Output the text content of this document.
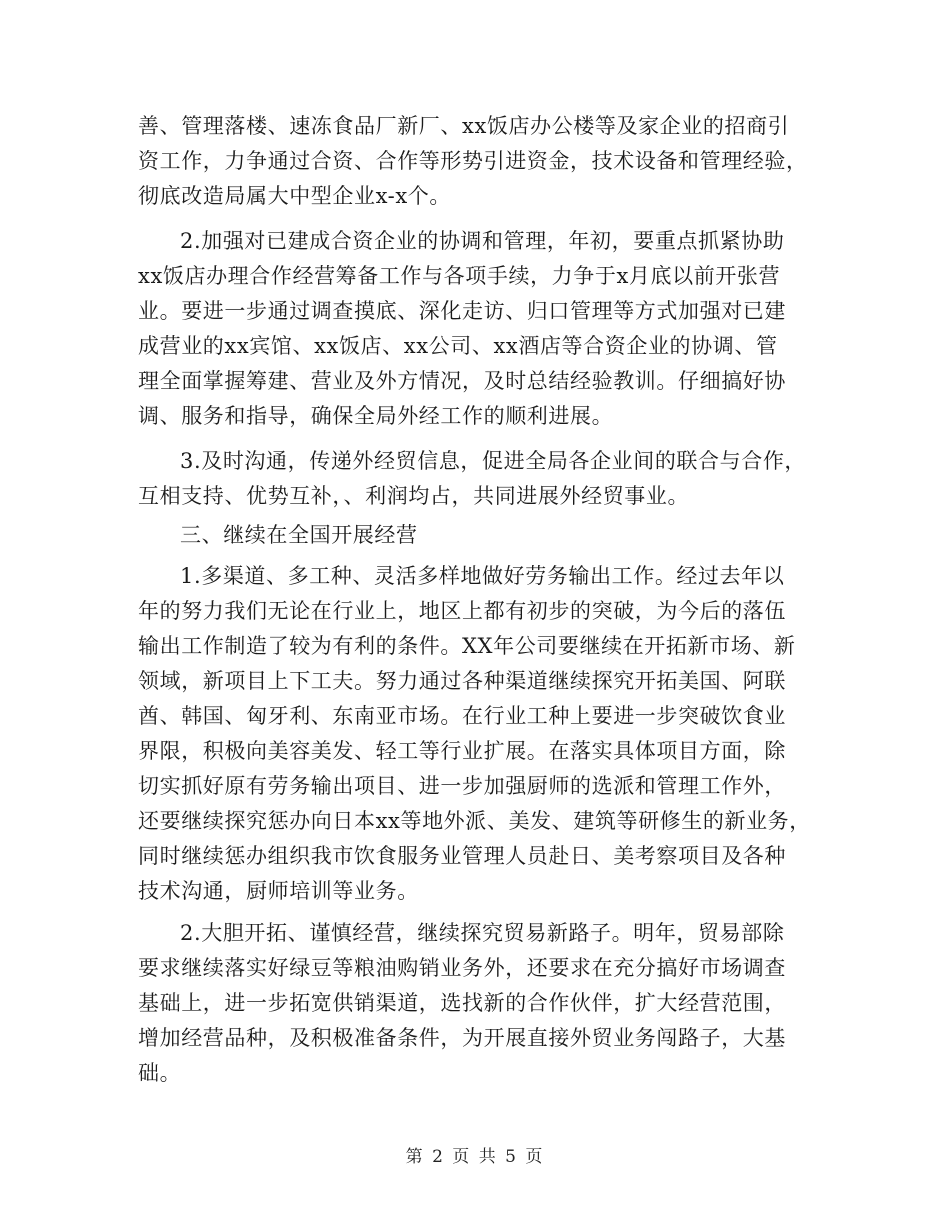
善、管理落楼、速冻食品厂新厂、xx饭店办公楼等及家企业的招商引
资工作，力争通过合资、合作等形势引进资金，技术设备和管理经验，
彻底改造局属大中型企业x-x个。
2.加强对已建成合资企业的协调和管理，年初，要重点抓紧协助
xx饭店办理合作经营筹备工作与各项手续，力争于x月底以前开张营
业。要进一步通过调查摸底、深化走访、归口管理等方式加强对已建
成营业的xx宾馆、xx饭店、xx公司、xx酒店等合资企业的协调、管
理全面掌握筹建、营业及外方情况，及时总结经验教训。仔细搞好协
调、服务和指导，确保全局外经工作的顺利进展。
3.及时沟通，传递外经贸信息，促进全局各企业间的联合与合作，
互相支持、优势互补，、利润均占，共同进展外经贸事业。
三、继续在全国开展经营
1.多渠道、多工种、灵活多样地做好劳务输出工作。经过去年以
年的努力我们无论在行业上，地区上都有初步的突破，为今后的落伍
输出工作制造了较为有利的条件。XX年公司要继续在开拓新市场、新
领域，新项目上下工夫。努力通过各种渠道继续探究开拓美国、阿联
酋、韩国、匈牙利、东南亚市场。在行业工种上要进一步突破饮食业
界限，积极向美容美发、轻工等行业扩展。在落实具体项目方面，除
切实抓好原有劳务输出项目、进一步加强厨师的选派和管理工作外，
还要继续探究惩办向日本xx等地外派、美发、建筑等研修生的新业务，
同时继续惩办组织我市饮食服务业管理人员赴日、美考察项目及各种
技术沟通，厨师培训等业务。
2.大胆开拓、谨慎经营，继续探究贸易新路子。明年，贸易部除
要求继续落实好绿豆等粮油购销业务外，还要求在充分搞好市场调查
基础上，进一步拓宽供销渠道，选找新的合作伙伴，扩大经营范围，
增加经营品种，及积极准备条件，为开展直接外贸业务闯路子，大基
础。
第 2 页 共 5 页
